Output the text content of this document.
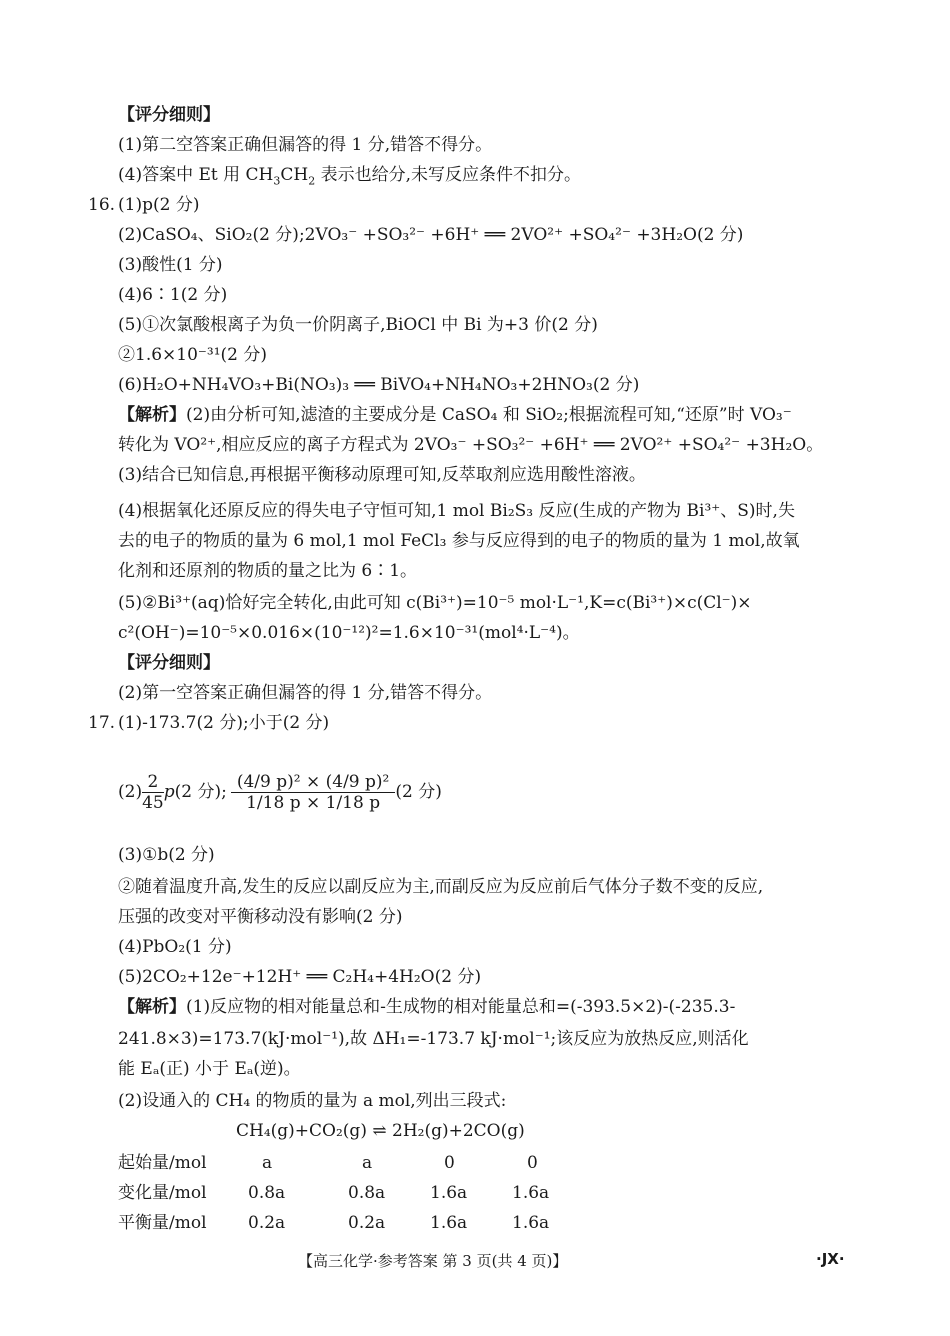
【评分细则】
(1)第二空答案正确但漏答的得 1 分,错答不得分。
(4)答案中 Et 用 $CH_3CH_2$ 表示也给分,未写反应条件不扣分。
16. (1)p(2 分)
(2)CaSO₄、SiO₂(2 分);2VO₃⁻ +SO₃²⁻ +6H⁺ ══ 2VO²⁺ +SO₄²⁻ +3H₂O(2 分)
(3)酸性(1 分)
(4)6∶1(2 分)
(5)①次氯酸根离子为负一价阴离子,BiOCl 中 Bi 为+3 价(2 分)
②1.6×10⁻³¹(2 分)
(6)H₂O+NH₄VO₃+Bi(NO₃)₃ ══ BiVO₄+NH₄NO₃+2HNO₃(2 分)
【解析】(2)由分析可知,滤渣的主要成分是 CaSO₄ 和 SiO₂;根据流程可知,“还原”时 VO₃⁻
转化为 VO²⁺,相应反应的离子方程式为 2VO₃⁻ +SO₃²⁻ +6H⁺ ══ 2VO²⁺ +SO₄²⁻ +3H₂O。
(3)结合已知信息,再根据平衡移动原理可知,反萃取剂应选用酸性溶液。
(4)根据氧化还原反应的得失电子守恒可知,1 mol Bi₂S₃ 反应(生成的产物为 Bi³⁺、S)时,失
去的电子的物质的量为 6 mol,1 mol FeCl₃ 参与反应得到的电子的物质的量为 1 mol,故氧
化剂和还原剂的物质的量之比为 6∶1。
(5)②Bi³⁺(aq)恰好完全转化,由此可知 c(Bi³⁺)=10⁻⁵ mol·L⁻¹,K=c(Bi³⁺)×c(Cl⁻)×
c²(OH⁻)=10⁻⁵×0.016×(10⁻¹²)²=1.6×10⁻³¹(mol⁴·L⁻⁴)。
【评分细则】
(2)第一空答案正确但漏答的得 1 分,错答不得分。
17. (1)-173.7(2 分);小于(2 分)
$(2) \frac{2}{45} p(2$ 分); $\frac{\text{(4/9 p)² × (4/9 p)²}}{1/18 p \times 1/18 p} (2$ 分)
(3)①b(2 分)
②随着温度升高,发生的反应以副反应为主,而副反应为反应前后气体分子数不变的反应,
压强的改变对平衡移动没有影响(2 分)
(4)PbO₂(1 分)
(5)2CO₂+12e⁻+12H⁺ ══ C₂H₄+4H₂O(2 分)
【解析】(1)反应物的相对能量总和-生成物的相对能量总和=(-393.5×2)-(-235.3-
241.8×3)=173.7(kJ·mol⁻¹),故 ΔH₁=-173.7 kJ·mol⁻¹;该反应为放热反应,则活化
能 Eₐ(正) 小于 Eₐ(逆)。
(2)设通入的 CH₄ 的物质的量为 a mol,列出三段式:
CH₄(g)+CO₂(g) ⇌ 2H₂(g)+2CO(g)
起始量/mol	a	a	0	0
变化量/mol 0.8a	0.8a	1.6a	1.6a
平衡量/mol 0.2a	0.2a	1.6a	1.6a
【高三化学·参考答案 第 3 页(共 4 页)】	·JX·
